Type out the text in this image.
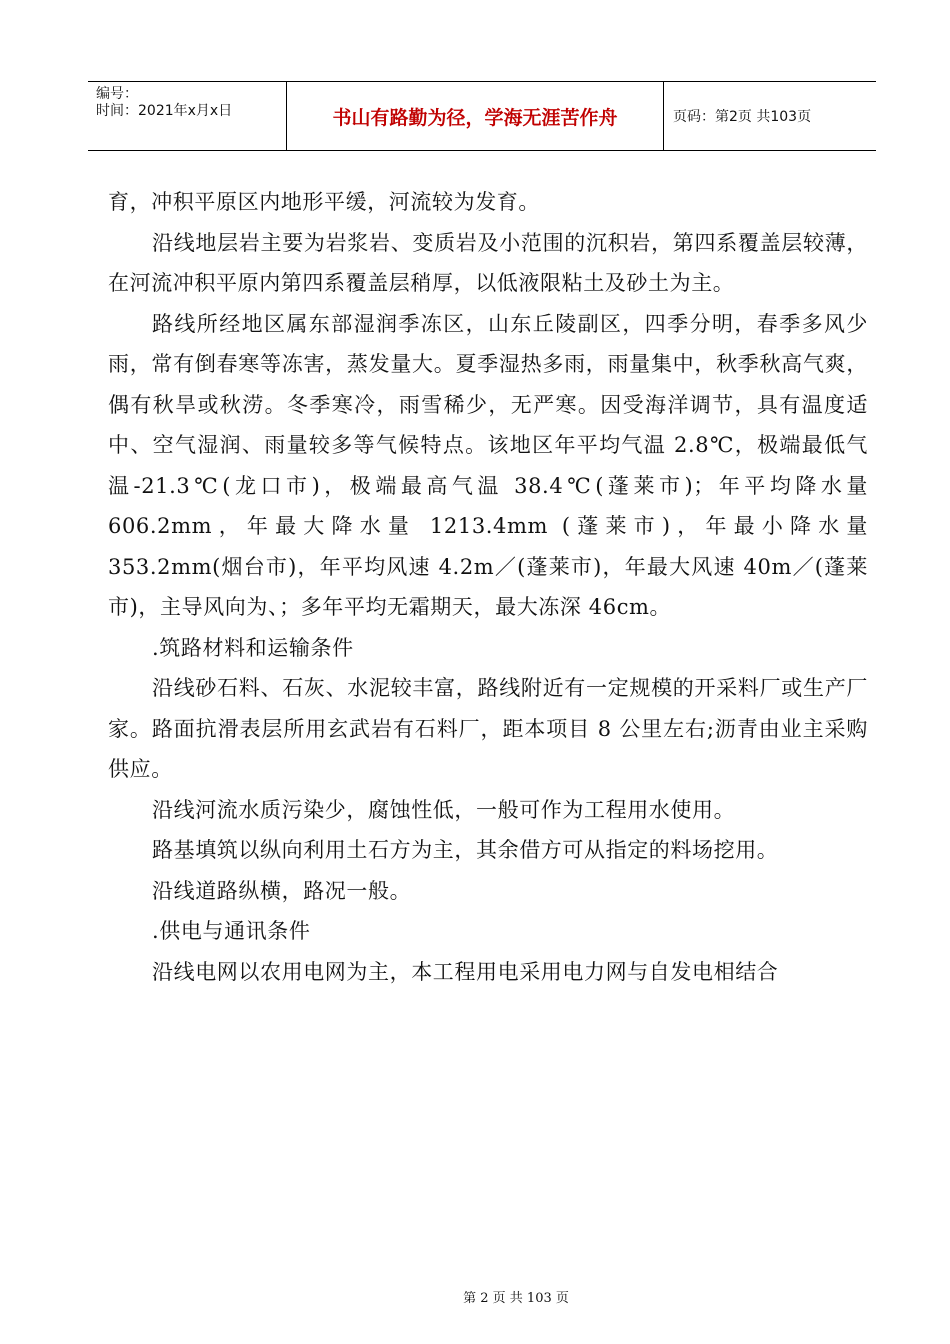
编号：
时间：2021年x月x日	书山有路勤为径，学海无涯苦作舟	页码：第2页 共103页

育，冲积平原区内地形平缓，河流较为发育。

沿线地层岩主要为岩浆岩、变质岩及小范围的沉积岩，第四系覆盖层较薄，在河流冲积平原内第四系覆盖层稍厚，以低液限粘土及砂土为主。

路线所经地区属东部湿润季冻区，山东丘陵副区，四季分明，春季多风少雨，常有倒春寒等冻害，蒸发量大。夏季湿热多雨，雨量集中，秋季秋高气爽，偶有秋旱或秋涝。冬季寒冷，雨雪稀少，无严寒。因受海洋调节，具有温度适中、空气湿润、雨量较多等气候特点。该地区年平均气温 2.8℃，极端最低气温-21.3℃(龙口市)，极端最高气温 38.4℃(蓬莱市)；年平均降水量 606.2mm，年最大降水量 1213.4mm (蓬莱市)，年最小降水量 353.2mm(烟台市)，年平均风速 4.2m／(蓬莱市)，年最大风速 40m／(蓬莱市)，主导风向为、；多年平均无霜期天，最大冻深 46cm。

.筑路材料和运输条件

沿线砂石料、石灰、水泥较丰富，路线附近有一定规模的开采料厂或生产厂家。路面抗滑表层所用玄武岩有石料厂，距本项目 8 公里左右;沥青由业主采购供应。

沿线河流水质污染少，腐蚀性低，一般可作为工程用水使用。

路基填筑以纵向利用土石方为主，其余借方可从指定的料场挖用。

沿线道路纵横，路况一般。

.供电与通讯条件

沿线电网以农用电网为主，本工程用电采用电力网与自发电相结合

第 2 页 共 103 页
